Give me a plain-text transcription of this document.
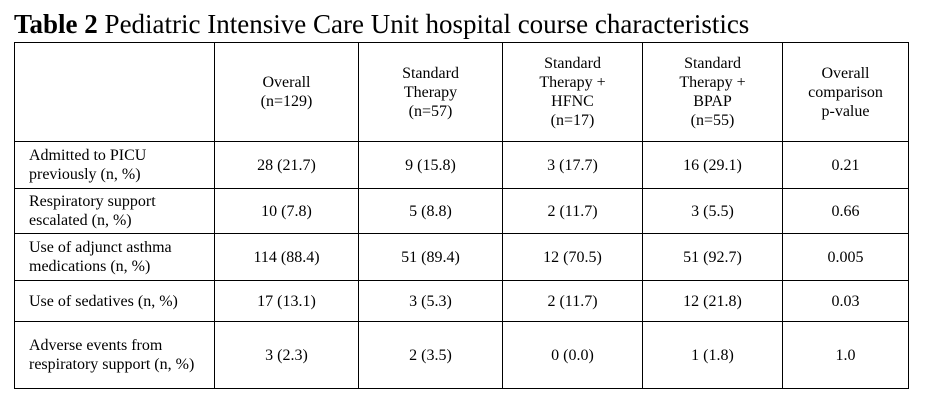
Table 2 Pediatric Intensive Care Unit hospital course characteristics

	Overall
(n=129)	Standard
Therapy
(n=57)	Standard
Therapy +
HFNC
(n=17)	Standard
Therapy +
BPAP
(n=55)	Overall
comparison
p-value

Admitted to PICU previously (n, %)	28 (21.7)	9 (15.8)	3 (17.7)	16 (29.1)	0.21
Respiratory support escalated (n, %)	10 (7.8)	5 (8.8)	2 (11.7)	3 (5.5)	0.66
Use of adjunct asthma medications (n, %)	114 (88.4)	51 (89.4)	12 (70.5)	51 (92.7)	0.005
Use of sedatives (n, %)	17 (13.1)	3 (5.3)	2 (11.7)	12 (21.8)	0.03
Adverse events from respiratory support (n, %)	3 (2.3)	2 (3.5)	0 (0.0)	1 (1.8)	1.0
